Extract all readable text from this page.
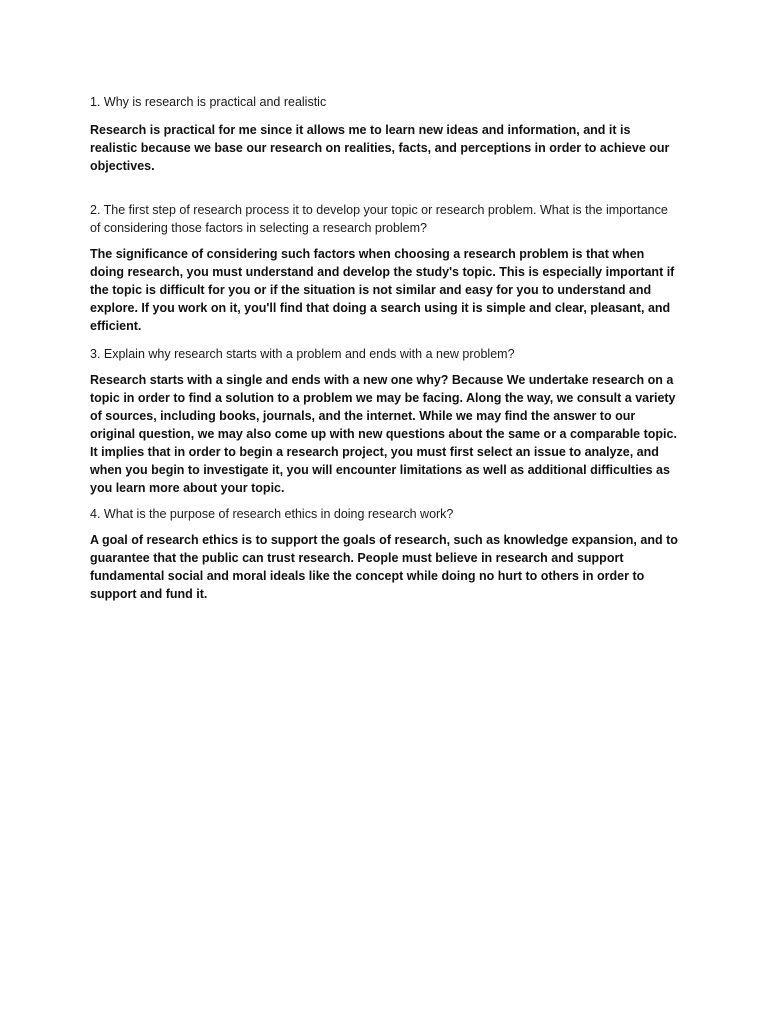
1. Why is research is practical and realistic

Research is practical for me since it allows me to learn new ideas and information, and it is realistic because we base our research on realities, facts, and perceptions in order to achieve our objectives.

2. The first step of research process it to develop your topic or research problem. What is the importance of considering those factors in selecting a research problem?

The significance of considering such factors when choosing a research problem is that when doing research, you must understand and develop the study's topic. This is especially important if the topic is difficult for you or if the situation is not similar and easy for you to understand and explore. If you work on it, you'll find that doing a search using it is simple and clear, pleasant, and efficient.

3. Explain why research starts with a problem and ends with a new problem?

Research starts with a single and ends with a new one why? Because We undertake research on a topic in order to find a solution to a problem we may be facing. Along the way, we consult a variety of sources, including books, journals, and the internet. While we may find the answer to our original question, we may also come up with new questions about the same or a comparable topic. It implies that in order to begin a research project, you must first select an issue to analyze, and when you begin to investigate it, you will encounter limitations as well as additional difficulties as you learn more about your topic.

4. What is the purpose of research ethics in doing research work?

A goal of research ethics is to support the goals of research, such as knowledge expansion, and to guarantee that the public can trust research. People must believe in research and support fundamental social and moral ideals like the concept while doing no hurt to others in order to support and fund it.
